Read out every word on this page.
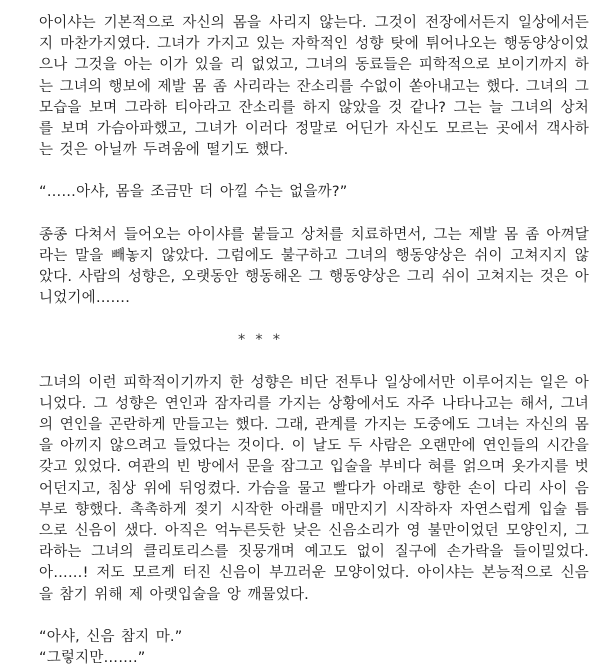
아이샤는 기본적으로 자신의 몸을 사리지 않는다. 그것이 전장에서든지 일상에서든지 마찬가지였다. 그녀가 가지고 있는 자학적인 성향 탓에 튀어나오는 행동양상이었으나 그것을 아는 이가 있을 리 없었고, 그녀의 동료들은 피학적으로 보이기까지 하는 그녀의 행보에 제발 몸 좀 사리라는 잔소리를 수없이 쏟아내고는 했다. 그녀의 그 모습을 보며 그라하 티아라고 잔소리를 하지 않았을 것 같나? 그는 늘 그녀의 상처를 보며 가슴아파했고, 그녀가 이러다 정말로 어딘가 자신도 모르는 곳에서 객사하는 것은 아닐까 두려움에 떨기도 했다.

“……아샤, 몸을 조금만 더 아낄 수는 없을까?”

종종 다쳐서 들어오는 아이샤를 붙들고 상처를 치료하면서, 그는 제발 몸 좀 아껴달라는 말을 빼놓지 않았다. 그럼에도 불구하고 그녀의 행동양상은 쉬이 고쳐지지 않았다. 사람의 성향은, 오랫동안 행동해온 그 행동양상은 그리 쉬이 고쳐지는 것은 아니었기에…….

* * *

그녀의 이런 피학적이기까지 한 성향은 비단 전투나 일상에서만 이루어지는 일은 아니었다. 그 성향은 연인과 잠자리를 가지는 상황에서도 자주 나타나고는 해서, 그녀의 연인을 곤란하게 만들고는 했다. 그래, 관계를 가지는 도중에도 그녀는 자신의 몸을 아끼지 않으려고 들었다는 것이다. 이 날도 두 사람은 오랜만에 연인들의 시간을 갖고 있었다. 여관의 빈 방에서 문을 잠그고 입술을 부비다 혀를 얽으며 옷가지를 벗어던지고, 침상 위에 뒤엉켰다. 가슴을 물고 빨다가 아래로 향한 손이 다리 사이 음부로 향했다. 촉촉하게 젖기 시작한 아래를 매만지기 시작하자 자연스럽게 입술 틈으로 신음이 샜다. 아직은 억누른듯한 낮은 신음소리가 영 불만이었던 모양인지, 그라하는 그녀의 클리토리스를 짓뭉개며 예고도 없이 질구에 손가락을 들이밀었다. 아……! 저도 모르게 터진 신음이 부끄러운 모양이었다. 아이샤는 본능적으로 신음을 참기 위해 제 아랫입술을 앙 깨물었다.

“아샤, 신음 참지 마.”

“그렇지만…….”
